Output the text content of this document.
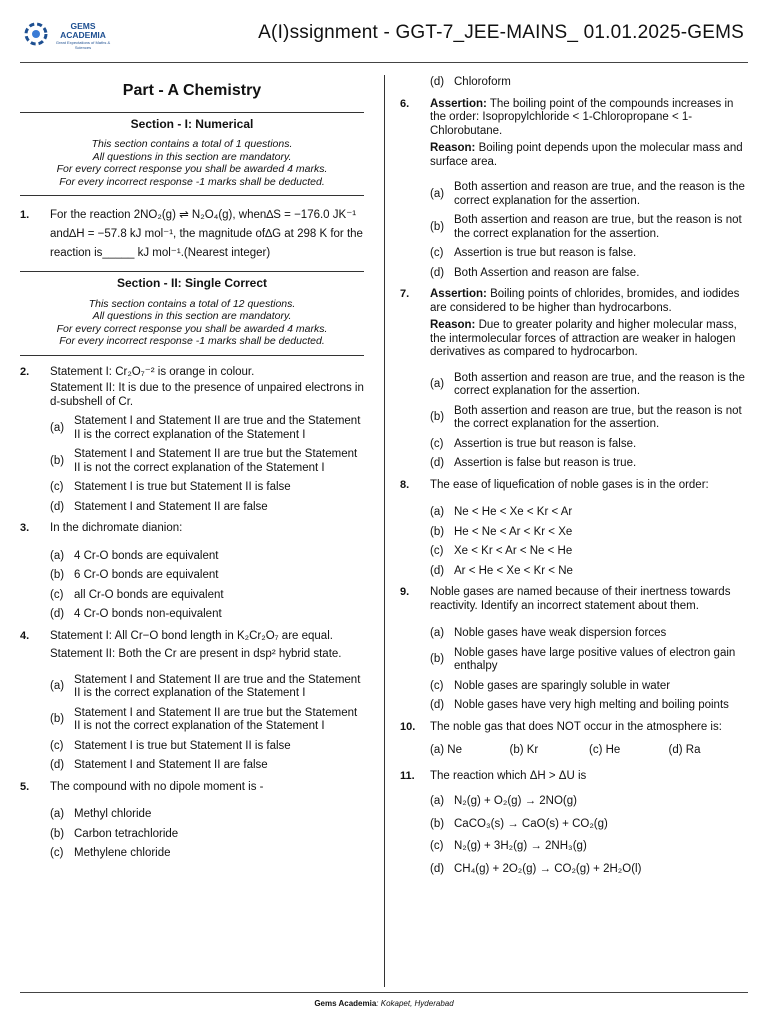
GEMS
ACADEMIA
Great Expectations of Maths & Sciences
A(I)ssignment - GGT-7_JEE-MAINS_ 01.01.2025-GEMS
Part - A Chemistry
Section - I: Numerical
This section contains a total of 1 questions.
All questions in this section are mandatory.
For every correct response you shall be awarded 4 marks.
For every incorrect response -1 marks shall be deducted.
1.	For the reaction 2NO₂(g) ⇌ N₂O₄(g), when∆S = −176.0 JK⁻¹ and∆H = −57.8 kJ mol⁻¹, the magnitude of∆G at 298 K for the reaction is_____ kJ mol⁻¹.(Nearest integer)
Section - II: Single Correct
This section contains a total of 12 questions.
All questions in this section are mandatory.
For every correct response you shall be awarded 4 marks.
For every incorrect response -1 marks shall be deducted.
2.	Statement I: Cr₂O₇⁻² is orange in colour.
Statement II: It is due to the presence of unpaired electrons in d-subshell of Cr.
(a)
Statement I and Statement II are true and the Statement II is the correct explanation of the Statement I
(b)
Statement I and Statement II are true but the Statement II is not the correct explanation of the Statement I
(c) Statement I is true but Statement II is false
(d) Statement I and Statement II are false
3.	In the dichromate dianion:
(a) 4 Cr-O bonds are equivalent
(b) 6 Cr-O bonds are equivalent
(c) all Cr-O bonds are equivalent
(d) 4 Cr-O bonds non-equivalent
4.	Statement I: All Cr−O bond length in K₂Cr₂O₇ are equal.
Statement II: Both the Cr are present in dsp² hybrid state.
(a)
Statement I and Statement II are true and the Statement II is the correct explanation of the Statement I
(b)
Statement I and Statement II are true but the Statement II is not the correct explanation of the Statement I
(c) Statement I is true but Statement II is false
(d) Statement I and Statement II are false
5.	The compound with no dipole moment is -
(a) Methyl chloride
(b) Carbon tetrachloride
(c) Methylene chloride
(d) Chloroform
6.	Assertion: The boiling point of the compounds increases in the order: Isopropylchloride < 1-Chloropropane < 1-Chlorobutane.
Reason: Boiling point depends upon the molecular mass and surface area.
(a)
Both assertion and reason are true, and the reason is the correct explanation for the assertion.
(b)
Both assertion and reason are true, but the reason is not the correct explanation for the assertion.
(c) Assertion is true but reason is false.
(d) Both Assertion and reason are false.
7.	Assertion: Boiling points of chlorides, bromides, and iodides are considered to be higher than hydrocarbons.
Reason: Due to greater polarity and higher molecular mass, the intermolecular forces of attraction are weaker in halogen derivatives as compared to hydrocarbon.
(a)
Both assertion and reason are true, and the reason is the correct explanation for the assertion.
(b)
Both assertion and reason are true, but the reason is not the correct explanation for the assertion.
(c) Assertion is true but reason is false.
(d) Assertion is false but reason is true.
8.	The ease of liquefication of noble gases is in the order:
(a) Ne < He < Xe < Kr < Ar
(b) He < Ne < Ar < Kr < Xe
(c) Xe < Kr < Ar < Ne < He
(d) Ar < He < Xe < Kr < Ne
9.	Noble gases are named because of their inertness towards reactivity. Identify an incorrect statement about them.
(a) Noble gases have weak dispersion forces
(b)
Noble gases have large positive values of electron gain enthalpy
(c) Noble gases are sparingly soluble in water
(d) Noble gases have very high melting and boiling points
10.	The noble gas that does NOT occur in the atmosphere is:
(a) Ne	(b) Kr	(c) He	(d) Ra
11.	The reaction which ΔH > ΔU is
(a) N₂(g) + O₂(g) → 2NO(g)
(b) CaCO₃(s) → CaO(s) + CO₂(g)
(c) N₂(g) + 3H₂(g) → 2NH₃(g)
(d) CH₄(g) + 2O₂(g) → CO₂(g) + 2H₂O(l)
Gems Academia: Kokapet, Hyderabad
